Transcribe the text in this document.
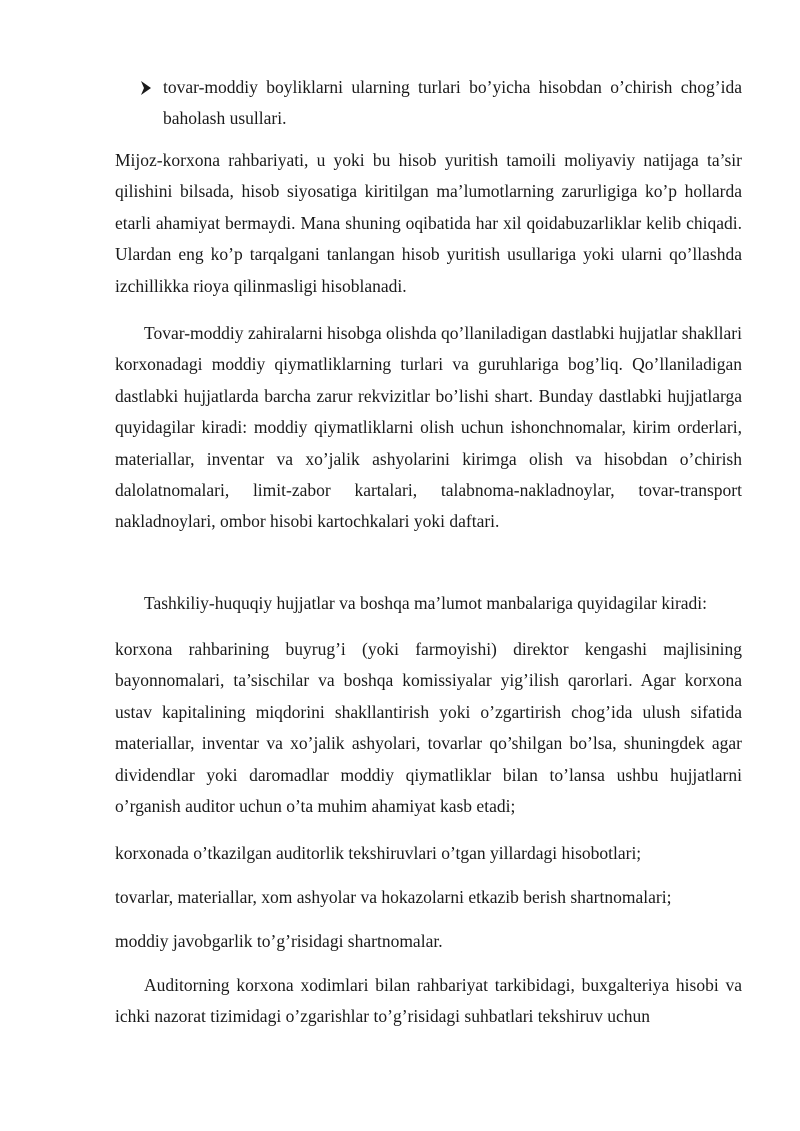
tovar-moddiy boyliklarni ularning turlari bo’yicha hisobdan o’chirish chog’ida baholash usullari.
Mijoz-korxona rahbariyati, u yoki bu hisob yuritish tamoili moliyaviy natijaga ta’sir qilishini bilsada, hisob siyosatiga kiritilgan ma’lumotlarning zarurligiga ko’p hollarda etarli ahamiyat bermaydi. Mana shuning oqibatida har xil qoidabuzarliklar kelib chiqadi. Ulardan eng ko’p tarqalgani tanlangan hisob yuritish usullariga yoki ularni qo’llashda izchillikka rioya qilinmasligi hisoblanadi.
Tovar-moddiy zahiralarni hisobga olishda qo’llaniladigan dastlabki hujjatlar shakllari korxonadagi moddiy qiymatliklarning turlari va guruhlariga bog’liq. Qo’llaniladigan dastlabki hujjatlarda barcha zarur rekvizitlar bo’lishi shart. Bunday dastlabki hujjatlarga quyidagilar kiradi: moddiy qiymatliklarni olish uchun ishonchnomalar, kirim orderlari, materiallar, inventar va xo’jalik ashyolarini kirimga olish va hisobdan o’chirish dalolatnomalari, limit-zabor kartalari, talabnoma-nakladnoylar, tovar-transport nakladnoylari, ombor hisobi kartochkalari yoki daftari.
Tashkiliy-huquqiy hujjatlar va boshqa ma’lumot manbalariga quyidagilar kiradi:
korxona rahbarining buyrug’i (yoki farmoyishi) direktor kengashi majlisining bayonnomalari, ta’sischilar va boshqa komissiyalar yig’ilish qarorlari. Agar korxona ustav kapitalining miqdorini shakllantirish yoki o’zgartirish chog’ida ulush sifatida materiallar, inventar va xo’jalik ashyolari, tovarlar qo’shilgan bo’lsa, shuningdek agar dividendlar yoki daromadlar moddiy qiymatliklar bilan to’lansa ushbu hujjatlarni o’rganish auditor uchun o’ta muhim ahamiyat kasb etadi;
korxonada o’tkazilgan auditorlik tekshiruvlari o’tgan yillardagi hisobotlari;
tovarlar, materiallar, xom ashyolar va hokazolarni etkazib berish shartnomalari;
moddiy javobgarlik to’g’risidagi shartnomalar.
Auditorning korxona xodimlari bilan rahbariyat tarkibidagi, buxgalteriya hisobi va ichki nazorat tizimidagi o’zgarishlar to’g’risidagi suhbatlari tekshiruv uchun
